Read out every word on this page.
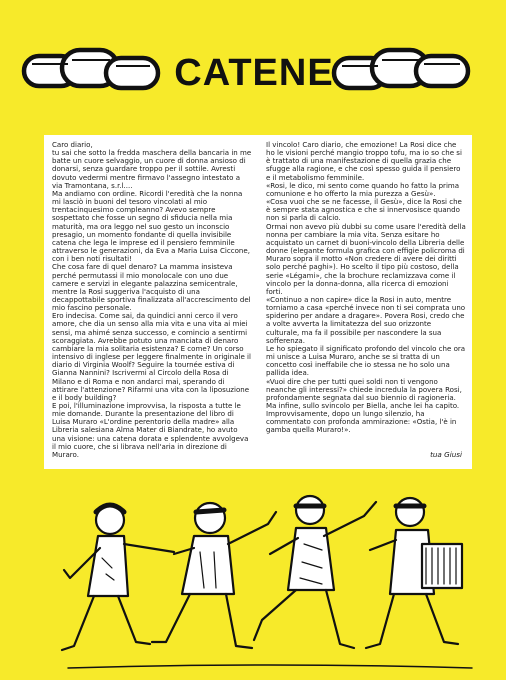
CATENE

Caro diario,

tu sai che sotto la fredda maschera della bancaria in me batte un cuore selvaggio, un cuore di donna ansioso di donarsi, senza guardare troppo per il sottile. Avresti dovuto vedermi mentre firmavo l'assegno intestato a via Tramontana, s.r.l....

Ma andiamo con ordine. Ricordi l'eredità che la nonna mi lasciò in buoni del tesoro vincolati al mio trentacinquesimo compleanno? Avevo sempre sospettato che fosse un segno di sfiducia nella mia maturità, ma ora leggo nel suo gesto un inconscio presagio, un momento fondante di quella invisibile catena che lega le imprese ed il pensiero femminile attraverso le generazioni, da Eva a Maria Luisa Ciccone, con i ben noti risultati!

Che cosa fare di quel denaro? La mamma insisteva perché permutassi il mio monolocale con uno due camere e servizi in elegante palazzina semicentrale, mentre la Rosi suggeriva l'acquisto di una decappottabile sportiva finalizzata all'accrescimento del mio fascino personale.

Ero indecisa. Come sai, da quindici anni cerco il vero amore, che dia un senso alla mia vita e una vita ai miei sensi, ma ahimé senza successo, e comincio a sentirmi scoraggiata. Avrebbe potuto una manciata di denaro cambiare la mia solitaria esistenza? E come? Un corso intensivo di inglese per leggere finalmente in originale il diario di Virginia Woolf? Seguire la tournée estiva di Gianna Nannini? Iscrivermi al Circolo della Rosa di Milano e di Roma e non andarci mai, sperando di attirare l'attenzione? Rifarmi una vita con la liposuzione e il body building?

E poi, l'illuminazione improvvisa, la risposta a tutte le mie domande. Durante la presentazione del libro di Luisa Muraro «L'ordine perentorio della madre» alla Libreria salesiana Alma Mater di Biandrate, ho avuto una visione: una catena dorata e splendente avvolgeva il mio cuore, che si librava nell'aria in direzione di Muraro.

Il vincolo! Caro diario, che emozione! La Rosi dice che ho le visioni perché mangio troppo tofu, ma io so che si è trattato di una manifestazione di quella grazia che sfugge alla ragione, e che così spesso guida il pensiero e il metabolismo femminile.

«Rosi, le dico, mi sento come quando ho fatto la prima comunione e ho offerto la mia purezza a Gesù».

«Cosa vuoi che se ne facesse, il Gesù», dice la Rosi che è sempre stata agnostica e che si innervosisce quando non si parla di calcio.

Ormai non avevo più dubbi su come usare l'eredità della nonna per cambiare la mia vita. Senza esitare ho acquistato un carnet di buoni-vincolo della Libreria delle donne (elegante formula grafica con effigie policroma di Muraro sopra il motto «Non credere di avere dei diritti solo perché paghi»). Ho scelto il tipo più costoso, della serie «Légami», che la brochure reclamizzava come il vincolo per la donna-donna, alla ricerca di emozioni forti.

«Continuo a non capire» dice la Rosi in auto, mentre torniamo a casa «perché invece non ti sei comprata uno spiderino per andare a dragare». Povera Rosi, credo che a volte avverta la limitatezza del suo orizzonte culturale, ma fa il possibile per nascondere la sua sofferenza.

Le ho spiegato il significato profondo del vincolo che ora mi unisce a Luisa Muraro, anche se si tratta di un concetto così ineffabile che io stessa ne ho solo una pallida idea.

«Vuoi dire che per tutti quei soldi non ti vengono neanche gli interessi?» chiede incredula la povera Rosi, profondamente segnata dal suo biennio di ragioneria.

Ma infine, sullo svincolo per Biella, anche lei ha capito. Improvvisamente, dopo un lungo silenzio, ha commentato con profonda ammirazione: «Ostia, l'è in gamba quella Muraro!».

tua Giusi
